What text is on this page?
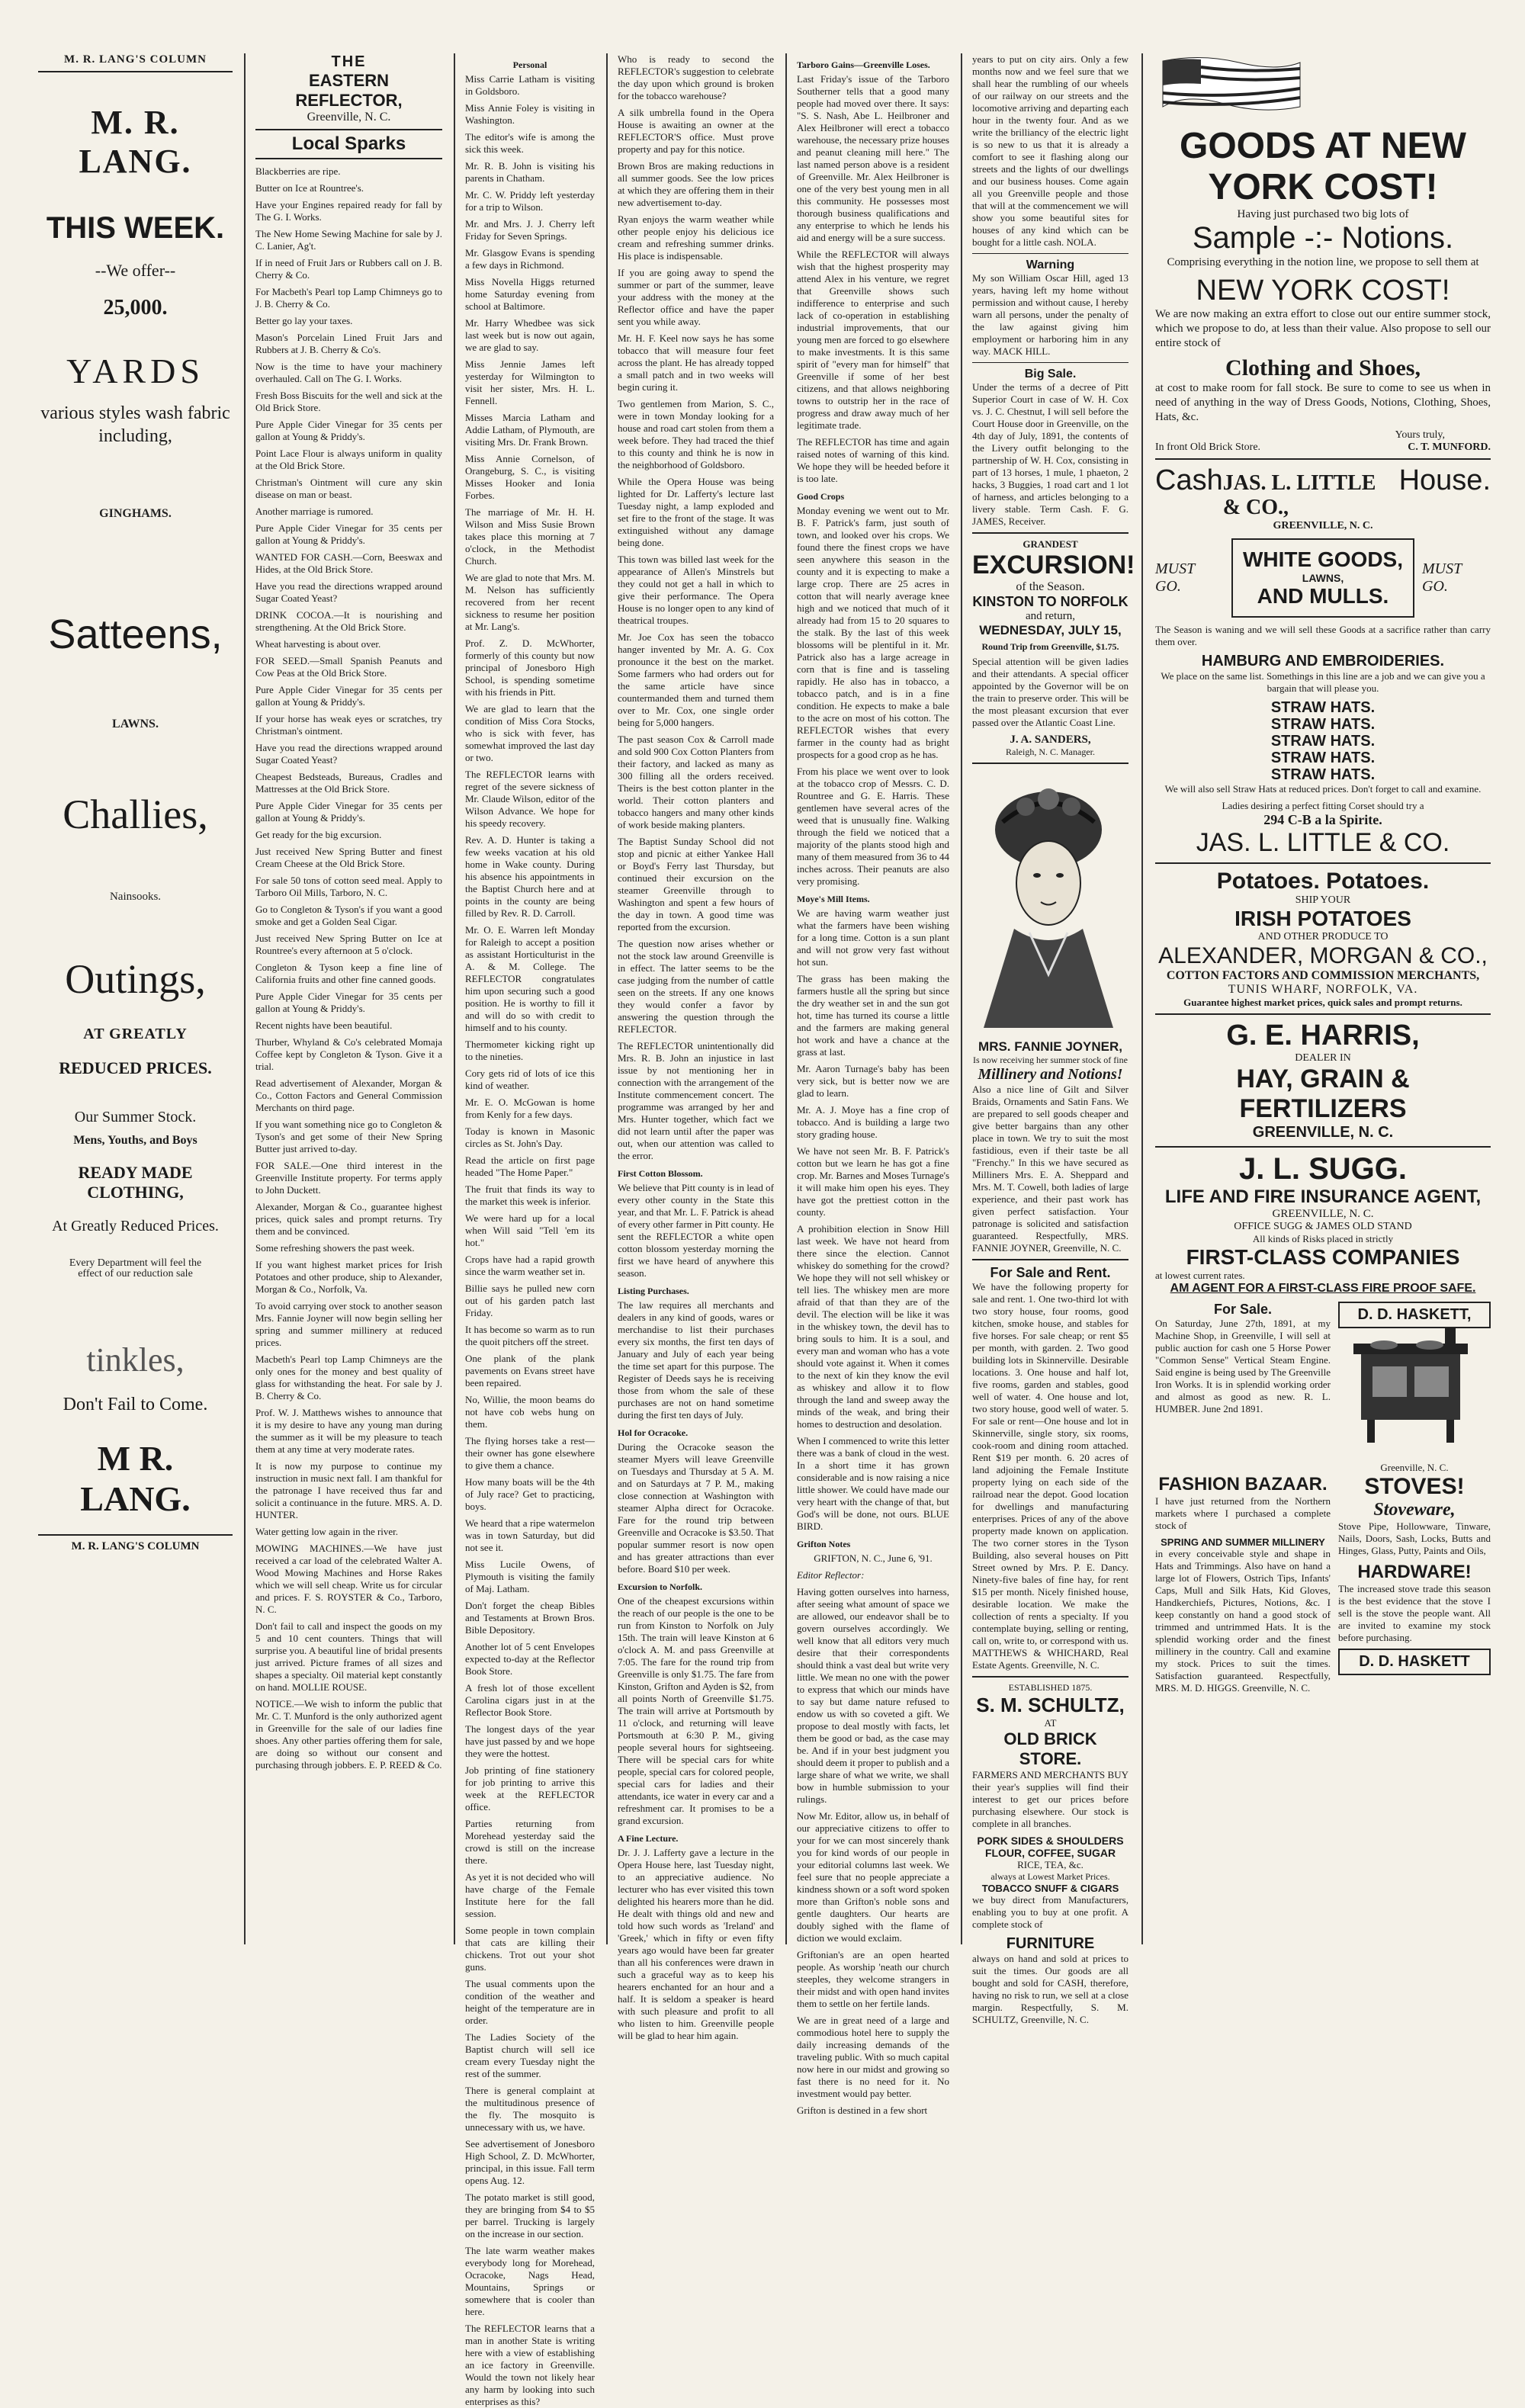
M. R. LANG'S COLUMN
M. R. LANG.
THIS WEEK.
--We offer--
25,000.
YARDS
various styles wash fabric including,
GINGHAMS.
Satteens,
LAWNS.
Challies,
Nainsooks.
Outings,
AT GREATLY
REDUCED PRICES.
Our Summer Stock.
Mens, Youths, and Boys
READY MADE CLOTHING,
At Greatly Reduced Prices.
Every Department will feel the effect of our reduction sale
tinkles,
Don't Fail to Come.
M R. LANG.
M. R. LANG'S COLUMN
THE
EASTERN REFLECTOR,
Greenville, N. C.
Local Sparks

Blackberries are ripe.

Butter on Ice at Rountree's.

Have your Engines repaired ready for fall by The G. I. Works.

The New Home Sewing Machine for sale by J. C. Lanier, Ag't.

If in need of Fruit Jars or Rubbers call on J. B. Cherry & Co.

For Macbeth's Pearl top Lamp Chimneys go to J. B. Cherry & Co.

Better go lay your taxes.

Mason's Porcelain Lined Fruit Jars and Rubbers at J. B. Cherry & Co's.

Now is the time to have your machinery overhauled. Call on The G. I. Works.

Fresh Boss Biscuits for the well and sick at the Old Brick Store.

Pure Apple Cider Vinegar for 35 cents per gallon at Young & Priddy's.

Point Lace Flour is always uniform in quality at the Old Brick Store.

Christman's Ointment will cure any skin disease on man or beast.

Another marriage is rumored.

Pure Apple Cider Vinegar for 35 cents per gallon at Young & Priddy's.

WANTED FOR CASH.—Corn, Beeswax and Hides, at the Old Brick Store.

Have you read the directions wrapped around Sugar Coated Yeast?

DRINK COCOA.—It is nourishing and strengthening. At the Old Brick Store.

Wheat harvesting is about over.

FOR SEED.—Small Spanish Peanuts and Cow Peas at the Old Brick Store.

Pure Apple Cider Vinegar for 35 cents per gallon at Young & Priddy's.

If your horse has weak eyes or scratches, try Christman's ointment.

Have you read the directions wrapped around Sugar Coated Yeast?

Cheapest Bedsteads, Bureaus, Cradles and Mattresses at the Old Brick Store.

Pure Apple Cider Vinegar for 35 cents per gallon at Young & Priddy's.

Get ready for the big excursion.

Just received New Spring Butter and finest Cream Cheese at the Old Brick Store.

For sale 50 tons of cotton seed meal. Apply to Tarboro Oil Mills, Tarboro, N. C.

Go to Congleton & Tyson's if you want a good smoke and get a Golden Seal Cigar.

Just received New Spring Butter on Ice at Rountree's every afternoon at 5 o'clock.

Congleton & Tyson keep a fine line of California fruits and other fine canned goods.

Pure Apple Cider Vinegar for 35 cents per gallon at Young & Priddy's.

Recent nights have been beautiful.

Thurber, Whyland & Co's celebrated Momaja Coffee kept by Congleton & Tyson. Give it a trial.

Read advertisement of Alexander, Morgan & Co., Cotton Factors and General Commission Merchants on third page.

If you want something nice go to Congleton & Tyson's and get some of their New Spring Butter just arrived to-day.

FOR SALE.—One third interest in the Greenville Institute property. For terms apply to John Duckett.

Alexander, Morgan & Co., guarantee highest prices, quick sales and prompt returns. Try them and be convinced.

Some refreshing showers the past week.

If you want highest market prices for Irish Potatoes and other produce, ship to Alexander, Morgan & Co., Norfolk, Va.

To avoid carrying over stock to another season Mrs. Fannie Joyner will now begin selling her spring and summer millinery at reduced prices.

Macbeth's Pearl top Lamp Chimneys are the only ones for the money and best quality of glass for withstanding the heat. For sale by J. B. Cherry & Co.

Prof. W. J. Matthews wishes to announce that it is my desire to have any young man during the summer as it will be my pleasure to teach them at any time at very moderate rates.

It is now my purpose to continue my instruction in music next fall. I am thankful for the patronage I have received thus far and solicit a continuance in the future. MRS. A. D. HUNTER.

Water getting low again in the river.

MOWING MACHINES.—We have just received a car load of the celebrated Walter A. Wood Mowing Machines and Horse Rakes which we will sell cheap. Write us for circular and prices. F. S. ROYSTER & Co., Tarboro, N. C.

Don't fail to call and inspect the goods on my 5 and 10 cent counters. Things that will surprise you. A beautiful line of bridal presents just arrived. Picture frames of all sizes and shapes a specialty. Oil material kept constantly on hand. MOLLIE ROUSE.

NOTICE.—We wish to inform the public that Mr. C. T. Munford is the only authorized agent in Greenville for the sale of our ladies fine shoes. Any other parties offering them for sale, are doing so without our consent and purchasing through jobbers. E. P. REED & Co.

Personal

Miss Carrie Latham is visiting in Goldsboro.

Miss Annie Foley is visiting in Washington.

The editor's wife is among the sick this week.

Mr. R. B. John is visiting his parents in Chatham.

Mr. C. W. Priddy left yesterday for a trip to Wilson.

Mr. and Mrs. J. J. Cherry left Friday for Seven Springs.

Mr. Glasgow Evans is spending a few days in Richmond.

Miss Novella Higgs returned home Saturday evening from school at Baltimore.

Mr. Harry Whedbee was sick last week but is now out again, we are glad to say.

Miss Jennie James left yesterday for Wilmington to visit her sister, Mrs. H. L. Fennell.

Misses Marcia Latham and Addie Latham, of Plymouth, are visiting Mrs. Dr. Frank Brown.

Miss Annie Cornelson, of Orangeburg, S. C., is visiting Misses Hooker and Ionia Forbes.

The marriage of Mr. H. H. Wilson and Miss Susie Brown takes place this morning at 7 o'clock, in the Methodist Church.

We are glad to note that Mrs. M. M. Nelson has sufficiently recovered from her recent sickness to resume her position at Mr. Lang's.

Prof. Z. D. McWhorter, formerly of this county but now principal of Jonesboro High School, is spending sometime with his friends in Pitt.

We are glad to learn that the condition of Miss Cora Stocks, who is sick with fever, has somewhat improved the last day or two.

The REFLECTOR learns with regret of the severe sickness of Mr. Claude Wilson, editor of the Wilson Advance. We hope for his speedy recovery.

Rev. A. D. Hunter is taking a few weeks vacation at his old home in Wake county. During his absence his appointments in the Baptist Church here and at points in the county are being filled by Rev. R. D. Carroll.

Mr. O. E. Warren left Monday for Raleigh to accept a position as assistant Horticulturist in the A. & M. College. The REFLECTOR congratulates him upon securing such a good position. He is worthy to fill it and will do so with credit to himself and to his county.

Thermometer kicking right up to the nineties.

Cory gets rid of lots of ice this kind of weather.

Mr. E. O. McGowan is home from Kenly for a few days.

Today is known in Masonic circles as St. John's Day.

Read the article on first page headed "The Home Paper."

The fruit that finds its way to the market this week is inferior.

We were hard up for a local when Will said "Tell 'em its hot."

Crops have had a rapid growth since the warm weather set in.

Billie says he pulled new corn out of his garden patch last Friday.

It has become so warm as to run the quoit pitchers off the street.

One plank of the plank pavements on Evans street have been repaired.

No, Willie, the moon beams do not have cob webs hung on them.

The flying horses take a rest— their owner has gone elsewhere to give them a chance.

How many boats will be the 4th of July race? Get to practicing, boys.

We heard that a ripe watermelon was in town Saturday, but did not see it.

Miss Lucile Owens, of Plymouth is visiting the family of Maj. Latham.

Don't forget the cheap Bibles and Testaments at Brown Bros. Bible Depository.

Another lot of 5 cent Envelopes expected to-day at the Reflector Book Store.

A fresh lot of those excellent Carolina cigars just in at the Reflector Book Store.

The longest days of the year have just passed by and we hope they were the hottest.

Job printing of fine stationery for job printing to arrive this week at the REFLECTOR office.

Parties returning from Morehead yesterday said the crowd is still on the increase there.

As yet it is not decided who will have charge of the Female Institute here for the fall session.

Some people in town complain that cats are killing their chickens. Trot out your shot guns.

The usual comments upon the condition of the weather and height of the temperature are in order.

The Ladies Society of the Baptist church will sell ice cream every Tuesday night the rest of the summer.

There is general complaint at the multitudinous presence of the fly. The mosquito is unnecessary with us, we have.

See advertisement of Jonesboro High School, Z. D. McWhorter, principal, in this issue. Fall term opens Aug. 12.

The potato market is still good, they are bringing from $4 to $5 per barrel. Trucking is largely on the increase in our section.

The late warm weather makes everybody long for Morehead, Ocracoke, Nags Head, Mountains, Springs or somewhere that is cooler than here.

The REFLECTOR learns that a man in another State is writing here with a view of establishing an ice factory in Greenville. Would the town not likely hear any harm by looking into such enterprises as this?

Who is ready to second the REFLECTOR's suggestion to celebrate the day upon which ground is broken for the tobacco warehouse?

A silk umbrella found in the Opera House is awaiting an owner at the REFLECTOR'S office. Must prove property and pay for this notice.

Brown Bros are making reductions in all summer goods. See the low prices at which they are offering them in their new advertisement to-day.

Ryan enjoys the warm weather while other people enjoy his delicious ice cream and refreshing summer drinks. His place is indispensable.

If you are going away to spend the summer or part of the summer, leave your address with the money at the Reflector office and have the paper sent you while away.

Mr. H. F. Keel now says he has some tobacco that will measure four feet across the plant. He has already topped a small patch and in two weeks will begin curing it.

Two gentlemen from Marion, S. C., were in town Monday looking for a house and road cart stolen from them a week before. They had traced the thief to this county and think he is now in the neighborhood of Goldsboro.

While the Opera House was being lighted for Dr. Lafferty's lecture last Tuesday night, a lamp exploded and set fire to the front of the stage. It was extinguished without any damage being done.

This town was billed last week for the appearance of Allen's Minstrels but they could not get a hall in which to give their performance. The Opera House is no longer open to any kind of theatrical troupes.

Mr. Joe Cox has seen the tobacco hanger invented by Mr. A. G. Cox pronounce it the best on the market. Some farmers who had orders out for the same article have since countermanded them and turned them over to Mr. Cox, one single order being for 5,000 hangers.

The past season Cox & Carroll made and sold 900 Cox Cotton Planters from their factory, and lacked as many as 300 filling all the orders received. Theirs is the best cotton planter in the world. Their cotton planters and tobacco hangers and many other kinds of work beside making planters.

The Baptist Sunday School did not stop and picnic at either Yankee Hall or Boyd's Ferry last Thursday, but continued their excursion on the steamer Greenville through to Washington and spent a few hours of the day in town. A good time was reported from the excursion.

The question now arises whether or not the stock law around Greenville is in effect. The latter seems to be the case judging from the number of cattle seen on the streets. If any one knows they would confer a favor by answering the question through the REFLECTOR.

The REFLECTOR unintentionally did Mrs. R. B. John an injustice in last issue by not mentioning her in connection with the arrangement of the Institute commencement concert. The programme was arranged by her and Mrs. Hunter together, which fact we did not learn until after the paper was out, when our attention was called to the error.

First Cotton Blossom.

We believe that Pitt county is in lead of every other county in the State this year, and that Mr. L. F. Patrick is ahead of every other farmer in Pitt county. He sent the REFLECTOR a white open cotton blossom yesterday morning the first we have heard of anywhere this season.

Listing Purchases.

The law requires all merchants and dealers in any kind of goods, wares or merchandise to list their purchases every six months, the first ten days of January and July of each year being the time set apart for this purpose. The Register of Deeds says he is receiving those from whom the sale of these purchases are not on hand sometime during the first ten days of July.

Hol for Ocracoke.

During the Ocracoke season the steamer Myers will leave Greenville on Tuesdays and Thursday at 5 A. M. and on Saturdays at 7 P. M., making close connection at Washington with steamer Alpha direct for Ocracoke. Fare for the round trip between Greenville and Ocracoke is $3.50. That popular summer resort is now open and has greater attractions than ever before. Board $10 per week.

Excursion to Norfolk.

One of the cheapest excursions within the reach of our people is the one to be run from Kinston to Norfolk on July 15th. The train will leave Kinston at 6 o'clock A. M. and pass Greenville at 7:05. The fare for the round trip from Greenville is only $1.75. The fare from Kinston, Grifton and Ayden is $2, from all points North of Greenville $1.75. The train will arrive at Portsmouth by 11 o'clock, and returning will leave Portsmouth at 6:30 P. M., giving people several hours for sightseeing. There will be special cars for white people, special cars for colored people, special cars for ladies and their attendants, ice water in every car and a refreshment car. It promises to be a grand excursion.

A Fine Lecture.

Dr. J. J. Lafferty gave a lecture in the Opera House here, last Tuesday night, to an appreciative audience. No lecturer who has ever visited this town delighted his hearers more than he did. He dealt with things old and new and told how such words as 'Ireland' and 'Greek,' which in fifty or even fifty years ago would have been far greater than all his conferences were drawn in such a graceful way as to keep his hearers enchanted for an hour and a half. It is seldom a speaker is heard with such pleasure and profit to all who listen to him. Greenville people will be glad to hear him again.

Tarboro Gains—Greenville Loses.

Last Friday's issue of the Tarboro Southerner tells that a good many people had moved over there. It says: "S. S. Nash, Abe L. Heilbroner and Alex Heilbroner will erect a tobacco warehouse, the necessary prize houses and peanut cleaning mill here." The last named person above is a resident of Greenville. Mr. Alex Heilbroner is one of the very best young men in all this community. He possesses most thorough business qualifications and any enterprise to which he lends his aid and energy will be a sure success.

While the REFLECTOR will always wish that the highest prosperity may attend Alex in his venture, we regret that Greenville shows such indifference to enterprise and such lack of co-operation in establishing industrial improvements, that our young men are forced to go elsewhere to make investments. It is this same spirit of "every man for himself" that Greenville if some of her best citizens, and that allows neighboring towns to outstrip her in the race of progress and draw away much of her legitimate trade.

The REFLECTOR has time and again raised notes of warning of this kind. We hope they will be heeded before it is too late.

Good Crops

Monday evening we went out to Mr. B. F. Patrick's farm, just south of town, and looked over his crops. We found there the finest crops we have seen anywhere this season in the county and it is expecting to make a large crop. There are 25 acres in cotton that will nearly average knee high and we noticed that much of it already had from 15 to 20 squares to the stalk. By the last of this week blossoms will be plentiful in it. Mr. Patrick also has a large acreage in corn that is fine and is tasseling rapidly. He also has in tobacco, a tobacco patch, and is in a fine condition. He expects to make a bale to the acre on most of his cotton. The REFLECTOR wishes that every farmer in the county had as bright prospects for a good crop as he has.

From his place we went over to look at the tobacco crop of Messrs. C. D. Rountree and G. E. Harris. These gentlemen have several acres of the weed that is unusually fine. Walking through the field we noticed that a majority of the plants stood high and many of them measured from 36 to 44 inches across. Their peanuts are also very promising.

Moye's Mill Items.

We are having warm weather just what the farmers have been wishing for a long time. Cotton is a sun plant and will not grow very fast without hot sun.

The grass has been making the farmers hustle all the spring but since the dry weather set in and the sun got hot, time has turned its course a little and the farmers are making general hot work and have a chance at the grass at last.

Mr. Aaron Turnage's baby has been very sick, but is better now we are glad to learn.

Mr. A. J. Moye has a fine crop of tobacco. And is building a large two story grading house.

We have not seen Mr. B. F. Patrick's cotton but we learn he has got a fine crop. Mr. Barnes and Moses Turnage's it will make him open his eyes. They have got the prettiest cotton in the county.

A prohibition election in Snow Hill last week. We have not heard from there since the election. Cannot whiskey do something for the crowd? We hope they will not sell whiskey or tell lies. The whiskey men are more afraid of that than they are of the devil. The election will be like it was in the whiskey town, the devil has to bring souls to him. It is a soul, and every man and woman who has a vote should vote against it. When it comes to the next of kin they know the evil as whiskey and allow it to flow through the land and sweep away the minds of the weak, and bring their homes to destruction and desolation.

When I commenced to write this letter there was a bank of cloud in the west. In a short time it has grown considerable and is now raising a nice little shower. We could have made our very heart with the change of that, but God's will be done, not ours. BLUE BIRD.

Grifton Notes

GRIFTON, N. C., June 6, '91.

Editor Reflector:

Having gotten ourselves into harness, after seeing what amount of space we are allowed, our endeavor shall be to govern ourselves accordingly. We well know that all editors very much desire that their correspondents should think a vast deal but write very little. We mean no one with the power to express that which our minds have to say but dame nature refused to endow us with so coveted a gift. We propose to deal mostly with facts, let them be good or bad, as the case may be. And if in your best judgment you should deem it proper to publish and a large share of what we write, we shall bow in humble submission to your rulings.

Now Mr. Editor, allow us, in behalf of our appreciative citizens to offer to your for we can most sincerely thank you for kind words of our people in your editorial columns last week. We feel sure that no people appreciate a kindness shown or a soft word spoken more than Grifton's noble sons and gentle daughters. Our hearts are doubly sighed with the flame of diction we would exclaim.

Griftonian's are an open hearted people. As worship 'neath our church steeples, they welcome strangers in their midst and with open hand invites them to settle on her fertile lands.

We are in great need of a large and commodious hotel here to supply the daily increasing demands of the traveling public. With so much capital now here in our midst and growing so fast there is no need for it. No investment would pay better.

Grifton is destined in a few short

years to put on city airs. Only a few months now and we feel sure that we shall hear the rumbling of our wheels of our railway on our streets and the locomotive arriving and departing each hour in the twenty four. And as we write the brilliancy of the electric light is so new to us that it is already a comfort to see it flashing along our streets and the lights of our dwellings and our business houses. Come again all you Greenville people and those that will at the commencement we will show you some beautiful sites for houses of any kind which can be bought for a little cash. NOLA.

Warning

My son William Oscar Hill, aged 13 years, having left my home without permission and without cause, I hereby warn all persons, under the penalty of the law against giving him employment or harboring him in any way. MACK HILL.

Big Sale.

Under the terms of a decree of Pitt Superior Court in case of W. H. Cox vs. J. C. Chestnut, I will sell before the Court House door in Greenville, on the 4th day of July, 1891, the contents of the Livery outfit belonging to the partnership of W. H. Cox, consisting in part of 13 horses, 1 mule, 1 phaeton, 2 hacks, 3 Buggies, 1 road cart and 1 lot of harness, and articles belonging to a livery stable. Term Cash. F. G. JAMES, Receiver.

GRANDEST
EXCURSION!
of the Season.
KINSTON TO NORFOLK
and return,
WEDNESDAY, JULY 15,
Round Trip from Greenville, $1.75.

Special attention will be given ladies and their attendants. A special officer appointed by the Governor will be on the train to preserve order. This will be the most pleasant excursion that ever passed over the Atlantic Coast Line.

J. A. SANDERS,
Raleigh, N. C. Manager.
MRS. FANNIE JOYNER,
Is now receiving her summer stock of fine
Millinery and Notions!

Also a nice line of Gilt and Silver Braids, Ornaments and Satin Fans. We are prepared to sell goods cheaper and give better bargains than any other place in town. We try to suit the most fastidious, even if their taste be all "Frenchy." In this we have secured as Milliners Mrs. E. A. Sheppard and Mrs. M. T. Cowell, both ladies of large experience, and their past work has given perfect satisfaction. Your patronage is solicited and satisfaction guaranteed. Respectfully, MRS. FANNIE JOYNER, Greenville, N. C.

For Sale and Rent.

We have the following property for sale and rent. 1. One two-third lot with two story house, four rooms, good kitchen, smoke house, and stables for five horses. For sale cheap; or rent $5 per month, with garden. 2. Two good building lots in Skinnerville. Desirable locations. 3. One house and half lot, five rooms, garden and stables, good well of water. 4. One house and lot, two story house, good well of water. 5. For sale or rent—One house and lot in Skinnerville, single story, six rooms, cook-room and dining room attached. Rent $19 per month. 6. 20 acres of land adjoining the Female Institute property lying on each side of the railroad near the depot. Good location for dwellings and manufacturing enterprises. Prices of any of the above property made known on application. The two corner stores in the Tyson Building, also several houses on Pitt Street owned by Mrs. P. E. Dancy. Ninety-five bales of fine hay, for rent $15 per month. Nicely finished house, desirable location. We make the collection of rents a specialty. If you contemplate buying, selling or renting, call on, write to, or correspond with us. MATTHEWS & WHICHARD, Real Estate Agents. Greenville, N. C.

ESTABLISHED 1875.
S. M. SCHULTZ,
AT
OLD BRICK STORE.

FARMERS AND MERCHANTS BUY their year's supplies will find their interest to get our prices before purchasing elsewhere. Our stock is complete in all branches.

PORK SIDES & SHOULDERS
FLOUR, COFFEE, SUGAR
RICE, TEA, &c.
always at Lowest Market Prices.
TOBACCO SNUFF & CIGARS

we buy direct from Manufacturers, enabling you to buy at one profit. A complete stock of

FURNITURE

always on hand and sold at prices to suit the times. Our goods are all bought and sold for CASH, therefore, having no risk to run, we sell at a close margin. Respectfully, S. M. SCHULTZ, Greenville, N. C.

GOODS AT NEW YORK COST!
Having just purchased two big lots of
Sample -:- Notions.

Comprising everything in the notion line, we propose to sell them at

NEW YORK COST!

We are now making an extra effort to close out our entire summer stock, which we propose to do, at less than their value. Also propose to sell our entire stock of

Clothing and Shoes,

at cost to make room for fall stock. Be sure to come to see us when in need of anything in the way of Dress Goods, Notions, Clothing, Shoes, Hats, &c.

Yours truly,
In front Old Brick Store.	C. T. MUNFORD.
Cash JAS. L. LITTLE & CO.,
House.
GREENVILLE, N. C.
MUST GO.
WHITE GOODS,
LAWNS,
AND MULLS.
MUST GO.

The Season is waning and we will sell these Goods at a sacrifice rather than carry them over.

HAMBURG AND EMBROIDERIES.

We place on the same list. Somethings in this line are a job and we can give you a bargain that will please you.

STRAW HATS.
STRAW HATS.
STRAW HATS.
STRAW HATS.
STRAW HATS.

We will also sell Straw Hats at reduced prices. Don't forget to call and examine.

Ladies desiring a perfect fitting Corset should try a
294 C-B a la Spirite.
JAS. L. LITTLE & CO.
Potatoes. Potatoes.
SHIP YOUR
IRISH POTATOES
AND OTHER PRODUCE TO
ALEXANDER, MORGAN & CO.,
COTTON FACTORS AND COMMISSION MERCHANTS,
TUNIS WHARF, NORFOLK, VA.
Guarantee highest market prices, quick sales and prompt returns.
G. E. HARRIS,
DEALER IN
HAY, GRAIN & FERTILIZERS
GREENVILLE, N. C.
J. L. SUGG.
LIFE AND FIRE INSURANCE AGENT,
GREENVILLE, N. C.
OFFICE SUGG & JAMES OLD STAND
All kinds of Risks placed in strictly
FIRST-CLASS COMPANIES
at lowest current rates.
AM AGENT FOR A FIRST-CLASS FIRE PROOF SAFE.
For Sale.

On Saturday, June 27th, 1891, at my Machine Shop, in Greenville, I will sell at public auction for cash one 5 Horse Power "Common Sense" Vertical Steam Engine. Said engine is being used by The Greenville Iron Works. It is in splendid working order and almost as good as new. R. L. HUMBER. June 2nd 1891.

D. D. HASKETT,
Greenville, N. C.
FASHION BAZAAR.

I have just returned from the Northern markets where I purchased a complete stock of

SPRING AND SUMMER MILLINERY

in every conceivable style and shape in Hats and Trimmings. Also have on hand a large lot of Flowers, Ostrich Tips, Infants' Caps, Mull and Silk Hats, Kid Gloves, Handkerchiefs, Pictures, Notions, &c. I keep constantly on hand a good stock of trimmed and untrimmed Hats. It is the splendid working order and the finest millinery in the country. Call and examine my stock. Prices to suit the times. Satisfaction guaranteed. Respectfully, MRS. M. D. HIGGS. Greenville, N. C.

STOVES!
Stoveware,

Stove Pipe, Hollowware, Tinware, Nails, Doors, Sash, Locks, Butts and Hinges, Glass, Putty, Paints and Oils,

HARDWARE!

The increased stove trade this season is the best evidence that the stove I sell is the stove the people want. All are invited to examine my stock before purchasing.

D. D. HASKETT
